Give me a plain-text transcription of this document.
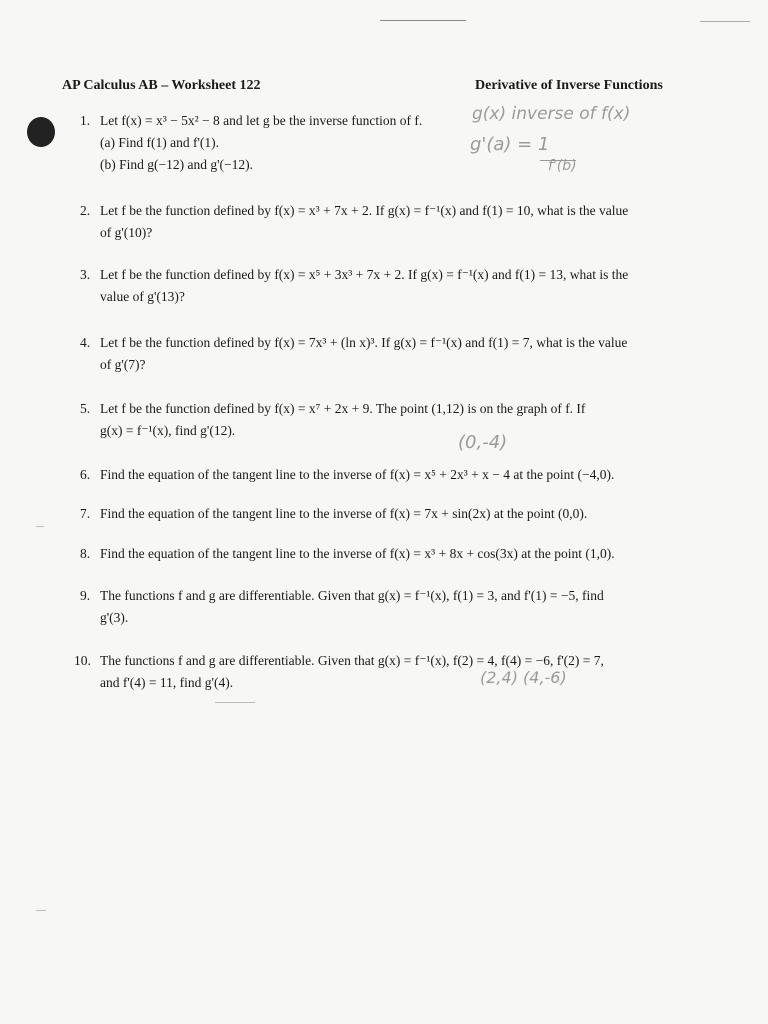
AP Calculus AB – Worksheet 122	Derivative of Inverse Functions
g(x) inverse of f(x)
g'(a) = 1
f'(b)
(0,-4)
(2,4) (4,-6)
1. Let f(x) = x³ − 5x² − 8 and let g be the inverse function of f.
(a) Find f(1) and f'(1).
(b) Find g(−12) and g'(−12).
2. Let f be the function defined by f(x) = x³ + 7x + 2. If g(x) = f⁻¹(x) and f(1) = 10, what is the value
of g'(10)?
3. Let f be the function defined by f(x) = x⁵ + 3x³ + 7x + 2. If g(x) = f⁻¹(x) and f(1) = 13, what is the
value of g'(13)?
4. Let f be the function defined by f(x) = 7x³ + (ln x)³. If g(x) = f⁻¹(x) and f(1) = 7, what is the value
of g'(7)?
5. Let f be the function defined by f(x) = x⁷ + 2x + 9. The point (1,12) is on the graph of f. If
g(x) = f⁻¹(x), find g'(12).
6. Find the equation of the tangent line to the inverse of f(x) = x⁵ + 2x³ + x − 4 at the point (−4,0).
7. Find the equation of the tangent line to the inverse of f(x) = 7x + sin(2x) at the point (0,0).
8. Find the equation of the tangent line to the inverse of f(x) = x³ + 8x + cos(3x) at the point (1,0).
9. The functions f and g are differentiable. Given that g(x) = f⁻¹(x), f(1) = 3, and f'(1) = −5, find
g'(3).
10. The functions f and g are differentiable. Given that g(x) = f⁻¹(x), f(2) = 4, f(4) = −6, f'(2) = 7,
and f'(4) = 11, find g'(4).
